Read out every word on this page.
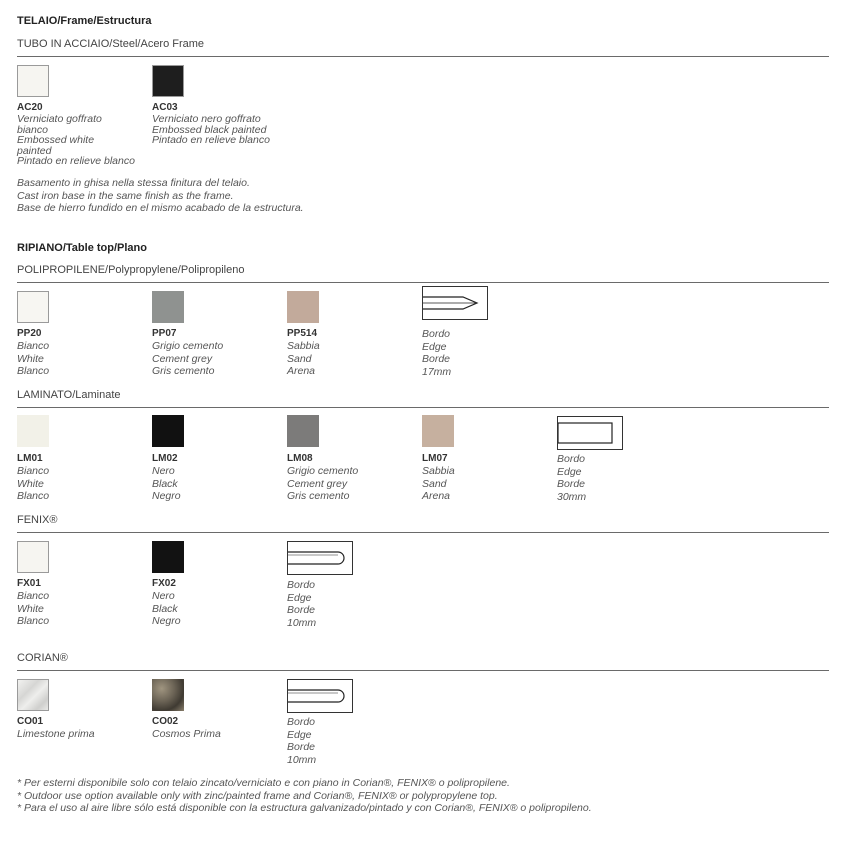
TELAIO/Frame/Estructura
TUBO IN ACCIAIO/Steel/Acero Frame
AC20
Verniciato goffrato
bianco
Embossed white
painted
Pintado en relieve blanco
AC03
Verniciato nero goffrato
Embossed black painted
Pintado en relieve blanco
Basamento in ghisa nella stessa finitura del telaio.
Cast iron base in the same finish as the frame.
Base de hierro fundido en el mismo acabado de la estructura.
RIPIANO/Table top/Plano
POLIPROPILENE/Polypropylene/Polipropileno
PP20
Bianco
White
Blanco
PP07
Grigio cemento
Cement grey
Gris cemento
PP514
Sabbia
Sand
Arena
Bordo
Edge
Borde
17mm
LAMINATO/Laminate
LM01
Bianco
White
Blanco
LM02
Nero
Black
Negro
LM08
Grigio cemento
Cement grey
Gris cemento
LM07
Sabbia
Sand
Arena
Bordo
Edge
Borde
30mm
FENIX®
FX01
Bianco
White
Blanco
FX02
Nero
Black
Negro
Bordo
Edge
Borde
10mm
CORIAN®
CO01
Limestone prima
CO02
Cosmos Prima
Bordo
Edge
Borde
10mm
* Per esterni disponibile solo con telaio zincato/verniciato e con piano in Corian®, FENIX® o polipropilene.
* Outdoor use option available only with zinc/painted frame and Corian®, FENIX® or polypropylene top.
* Para el uso al aire libre sólo está disponible con la estructura galvanizado/pintado y con Corian®, FENIX® o polipropileno.
